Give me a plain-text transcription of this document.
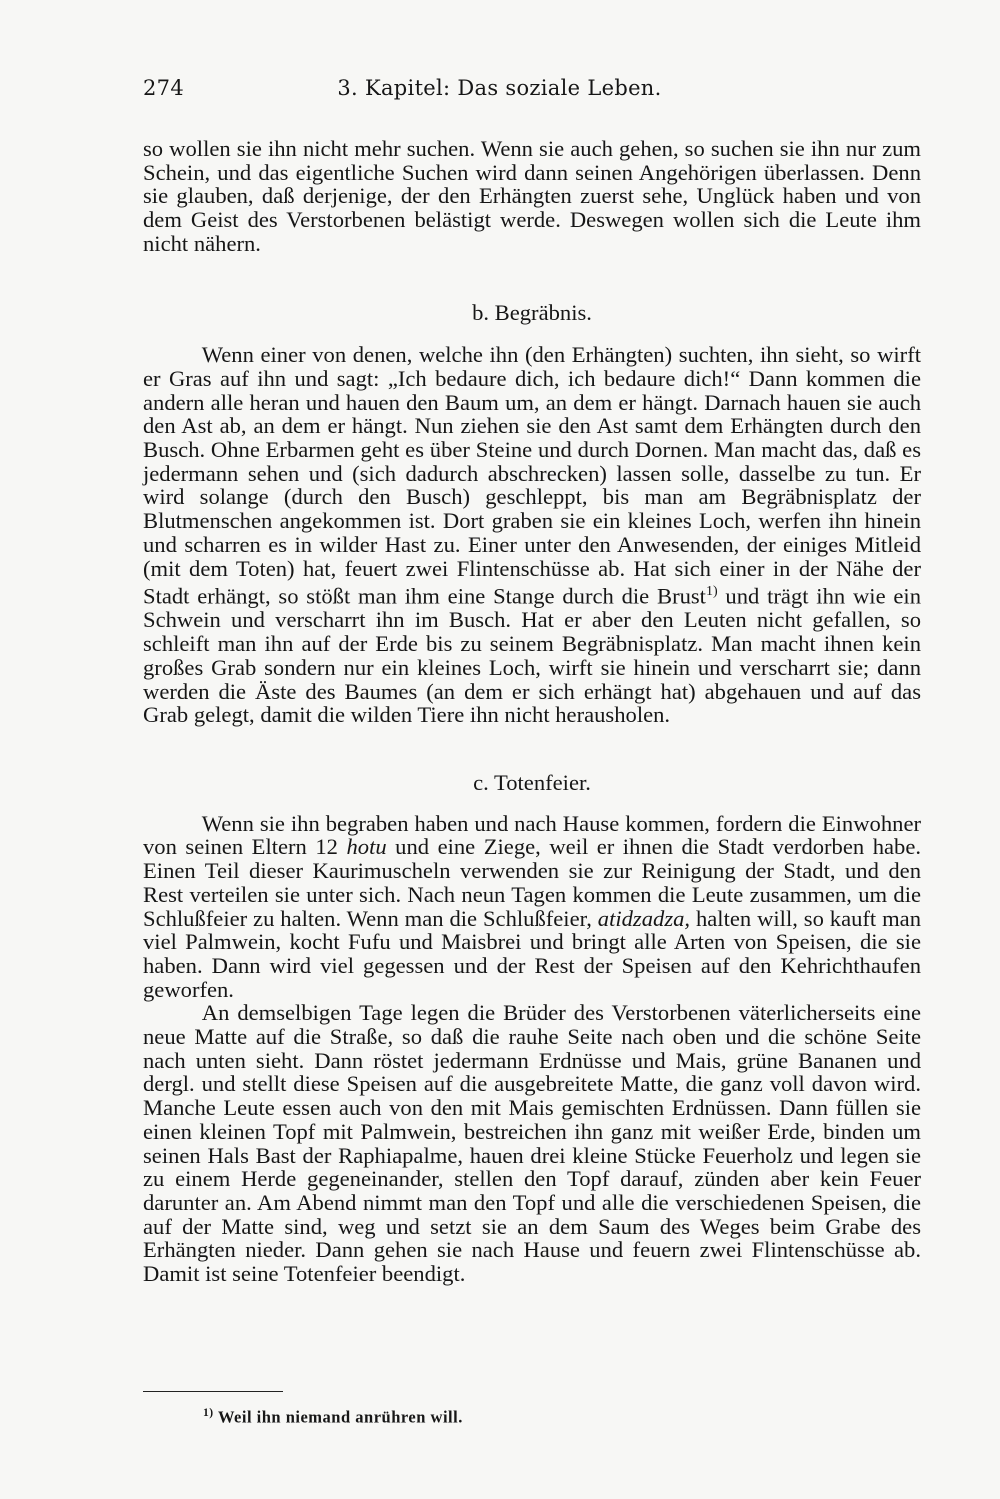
274	3. Kapitel: Das soziale Leben.

so wollen sie ihn nicht mehr suchen. Wenn sie auch gehen, so suchen sie ihn nur zum Schein, und das eigentliche Suchen wird dann seinen Angehörigen überlassen. Denn sie glauben, daß derjenige, der den Erhängten zuerst sehe, Unglück haben und von dem Geist des Verstorbenen belästigt werde. Deswegen wollen sich die Leute ihm nicht nähern.

b. Begräbnis.

Wenn einer von denen, welche ihn (den Erhängten) suchten, ihn sieht, so wirft er Gras auf ihn und sagt: „Ich bedaure dich, ich bedaure dich!“ Dann kommen die andern alle heran und hauen den Baum um, an dem er hängt. Darnach hauen sie auch den Ast ab, an dem er hängt. Nun ziehen sie den Ast samt dem Erhängten durch den Busch. Ohne Erbarmen geht es über Steine und durch Dornen. Man macht das, daß es jedermann sehen und (sich dadurch abschrecken) lassen solle, dasselbe zu tun. Er wird solange (durch den Busch) geschleppt, bis man am Begräbnisplatz der Blutmenschen angekommen ist. Dort graben sie ein kleines Loch, werfen ihn hinein und scharren es in wilder Hast zu. Einer unter den Anwesenden, der einiges Mitleid (mit dem Toten) hat, feuert zwei Flintenschüsse ab. Hat sich einer in der Nähe der Stadt erhängt, so stößt man ihm eine Stange durch die Brust$^{1)}$ und trägt ihn wie ein Schwein und verscharrt ihn im Busch. Hat er aber den Leuten nicht gefallen, so schleift man ihn auf der Erde bis zu seinem Begräbnisplatz. Man macht ihnen kein großes Grab sondern nur ein kleines Loch, wirft sie hinein und verscharrt sie; dann werden die Äste des Baumes (an dem er sich erhängt hat) abgehauen und auf das Grab gelegt, damit die wilden Tiere ihn nicht herausholen.

c. Totenfeier.

Wenn sie ihn begraben haben und nach Hause kommen, fordern die Einwohner von seinen Eltern 12 hotu und eine Ziege, weil er ihnen die Stadt verdorben habe. Einen Teil dieser Kaurimuscheln verwenden sie zur Reinigung der Stadt, und den Rest verteilen sie unter sich. Nach neun Tagen kommen die Leute zusammen, um die Schlußfeier zu halten. Wenn man die Schlußfeier, atidzadza, halten will, so kauft man viel Palmwein, kocht Fufu und Maisbrei und bringt alle Arten von Speisen, die sie haben. Dann wird viel gegessen und der Rest der Speisen auf den Kehrichthaufen geworfen.

An demselbigen Tage legen die Brüder des Verstorbenen väterlicherseits eine neue Matte auf die Straße, so daß die rauhe Seite nach oben und die schöne Seite nach unten sieht. Dann röstet jedermann Erdnüsse und Mais, grüne Bananen und dergl. und stellt diese Speisen auf die ausgebreitete Matte, die ganz voll davon wird. Manche Leute essen auch von den mit Mais gemischten Erdnüssen. Dann füllen sie einen kleinen Topf mit Palmwein, bestreichen ihn ganz mit weißer Erde, binden um seinen Hals Bast der Raphiapalme, hauen drei kleine Stücke Feuerholz und legen sie zu einem Herde gegeneinander, stellen den Topf darauf, zünden aber kein Feuer darunter an. Am Abend nimmt man den Topf und alle die verschiedenen Speisen, die auf der Matte sind, weg und setzt sie an dem Saum des Weges beim Grabe des Erhängten nieder. Dann gehen sie nach Hause und feuern zwei Flintenschüsse ab. Damit ist seine Totenfeier beendigt.

$^{1)}$ Weil ihn niemand anrühren will.
